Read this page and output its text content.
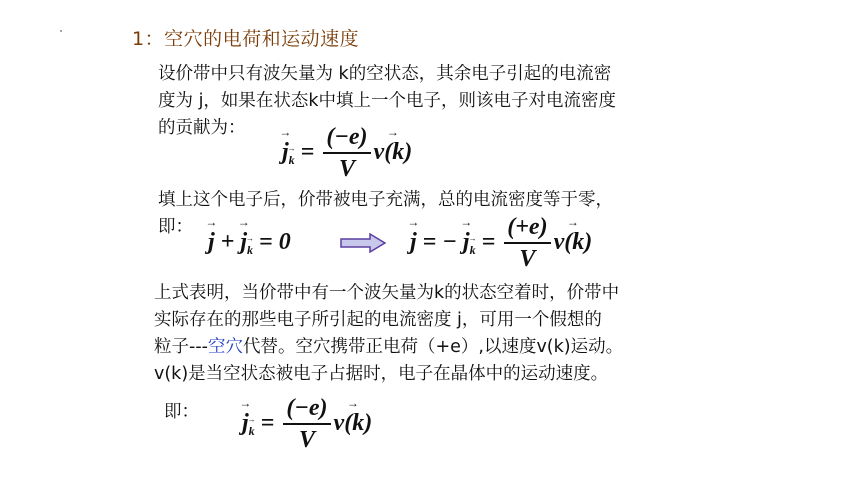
1：空穴的电荷和运动速度
设价带中只有波矢量为 k的空状态，其余电子引起的电流密
度为 j，如果在状态k中填上一个电子，则该电子对电流密度
的贡献为：
→ $j\to _k = \frac{(-e)}{V}$
→ v(k)
填上这个电子后，价带被电子充满，总的电流密度等于零，
即：
→ j + → j→ $_k$ = 0
→	j = − → $j\to _k = \frac{(+e)}{V}$
→ v(k)
上式表明，当价带中有一个波矢量为k的状态空着时，价带中
实际存在的那些电子所引起的电流密度 j，可用一个假想的
粒子---空穴代替。空穴携带正电荷（+e）,以速度v(k)运动。
v(k)是当空状态被电子占据时，电子在晶体中的运动速度。
即：
→ $j\to _k = \frac{(-e)}{V}$
→ v(k)
